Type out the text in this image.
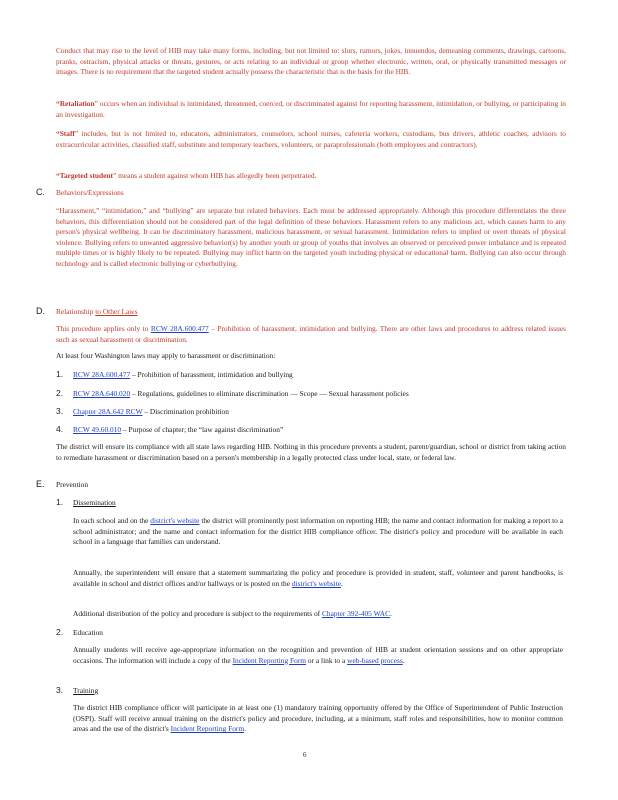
Conduct that may rise to the level of HIB may take many forms, including, but not limited to: slurs, rumors, jokes, innuendos, demeaning comments, drawings, cartoons, pranks, ostracism, physical attacks or threats, gestures, or acts relating to an individual or group whether electronic, written, oral, or physically transmitted messages or images. There is no requirement that the targeted student actually possess the characteristic that is the basis for the HIB.

“Retaliation” occurs when an individual is intimidated, threatened, coerced, or discriminated against for reporting harassment, intimidation, or bullying, or participating in an investigation.

“Staff” includes, but is not limited to, educators, administrators, counselors, school nurses, cafeteria workers, custodians, bus drivers, athletic coaches, advisors to extracurricular activities, classified staff, substitute and temporary teachers, volunteers, or paraprofessionals (both employees and contractors).

“Targeted student” means a student against whom HIB has allegedly been perpetrated.

C. Behaviors/Expressions

“Harassment,” “intimidation,” and “bullying” are separate but related behaviors. Each must be addressed appropriately. Although this procedure differentiates the three behaviors, this differentiation should not be considered part of the legal definition of these behaviors. Harassment refers to any malicious act, which causes harm to any person's physical wellbeing. It can be discriminatory harassment, malicious harassment, or sexual harassment. Intimidation refers to implied or overt threats of physical violence. Bullying refers to unwanted aggressive behavior(s) by another youth or group of youths that involves an observed or perceived power imbalance and is repeated multiple times or is highly likely to be repeated. Bullying may inflict harm on the targeted youth including physical or educational harm. Bullying can also occur through technology and is called electronic bullying or cyberbullying.

D. Relationship to Other Laws

This procedure applies only to RCW 28A.600.477 – Prohibition of harassment, intimidation and bullying. There are other laws and procedures to address related issues such as sexual harassment or discrimination.

At least four Washington laws may apply to harassment or discrimination:

1. RCW 28A.600.477 – Prohibition of harassment, intimidation and bullying

2. RCW 28A.640.020 – Regulations, guidelines to eliminate discrimination — Scope — Sexual harassment policies

3. Chapter 28A.642 RCW – Discrimination prohibition

4. RCW 49.60.010 – Purpose of chapter; the “law against discrimination”

The district will ensure its compliance with all state laws regarding HIB. Nothing in this procedure prevents a student, parent/guardian, school or district from taking action to remediate harassment or discrimination based on a person's membership in a legally protected class under local, state, or federal law.

E. Prevention
1. Dissemination

In each school and on the district's website the district will prominently post information on reporting HIB; the name and contact information for making a report to a school administrator; and the name and contact information for the district HIB compliance officer. The district's policy and procedure will be available in each school in a language that families can understand.

Annually, the superintendent will ensure that a statement summarizing the policy and procedure is provided in student, staff, volunteer and parent handbooks, is available in school and district offices and/or hallways or is posted on the district's website.

Additional distribution of the policy and procedure is subject to the requirements of Chapter 392-405 WAC.

2. Education

Annually students will receive age-appropriate information on the recognition and prevention of HIB at student orientation sessions and on other appropriate occasions. The information will include a copy of the Incident Reporting Form or a link to a web-based process.

3. Training

The district HIB compliance officer will participate in at least one (1) mandatory training opportunity offered by the Office of Superintendent of Public Instruction (OSPI). Staff will receive annual training on the district's policy and procedure, including, at a minimum, staff roles and responsibilities, how to monitor common areas and the use of the district's Incident Reporting Form.

6
